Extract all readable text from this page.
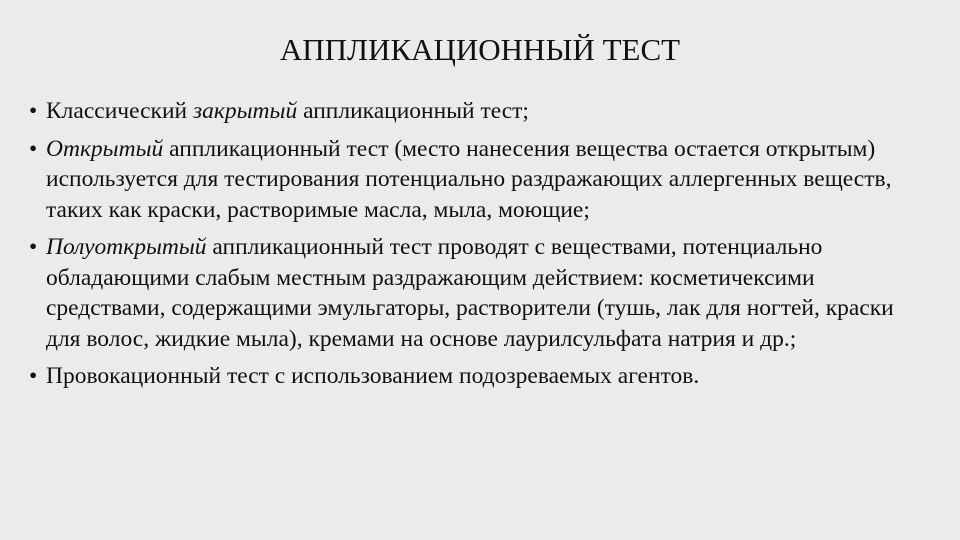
АППЛИКАЦИОННЫЙ ТЕСТ
• Классический закрытый аппликационный тест;
• Открытый аппликационный тест (место нанесения вещества остается открытым) используется для тестирования потенциально раздражающих аллергенных веществ, таких как краски, растворимые масла, мыла, моющие;
• Полуоткрытый аппликационный тест проводят с веществами, потенциально обладающими слабым местным раздражающим действием: косметичексими средствами, содержащими эмульгаторы, растворители (тушь, лак для ногтей, краски для волос, жидкие мыла), кремами на основе лаурилсульфата натрия и др.;
• Провокационный тест с использованием подозреваемых агентов.
